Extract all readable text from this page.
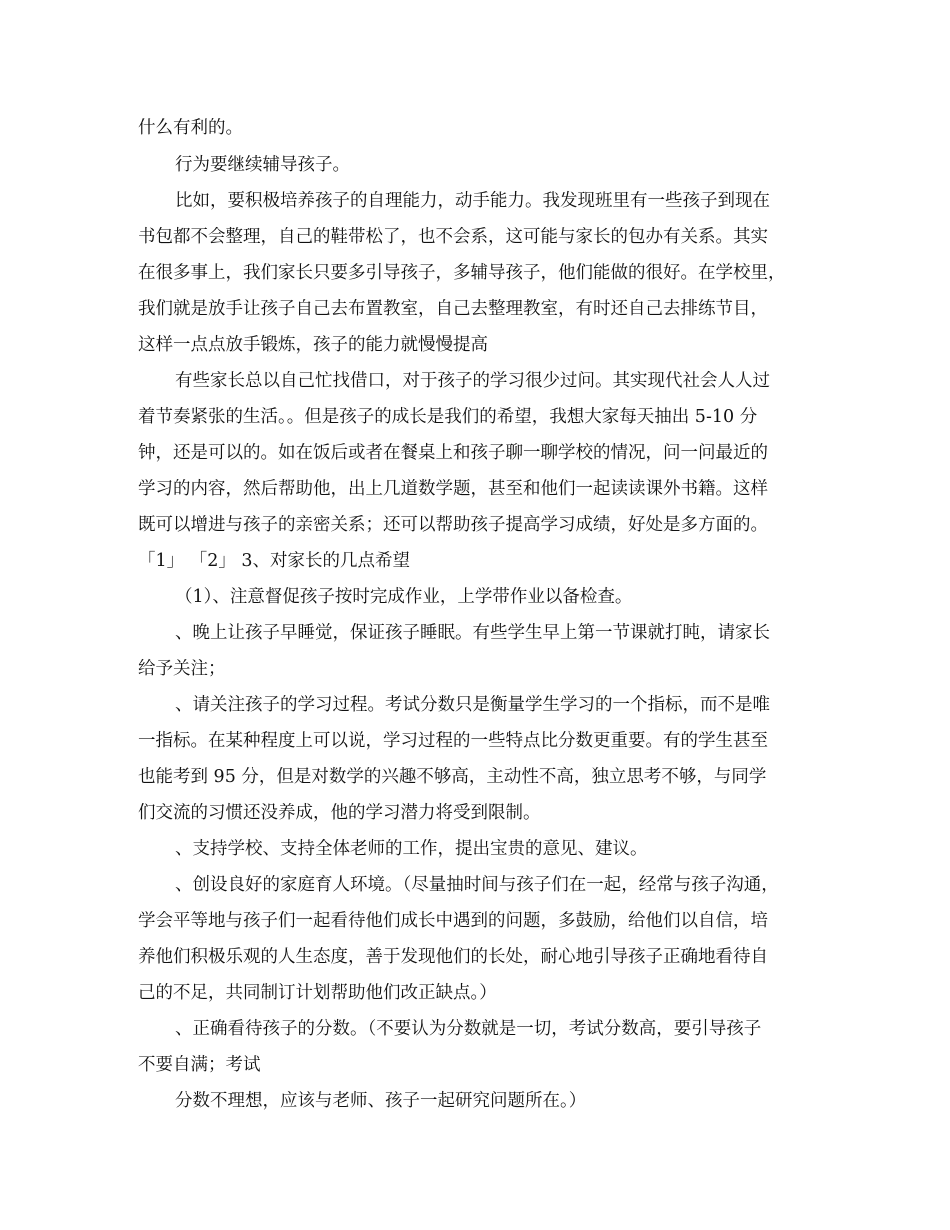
什么有利的。
行为要继续辅导孩子。
比如，要积极培养孩子的自理能力，动手能力。我发现班里有一些孩子到现在
书包都不会整理，自己的鞋带松了，也不会系，这可能与家长的包办有关系。其实
在很多事上，我们家长只要多引导孩子，多辅导孩子，他们能做的很好。在学校里，
我们就是放手让孩子自己去布置教室，自己去整理教室，有时还自己去排练节目，
这样一点点放手锻炼，孩子的能力就慢慢提高
有些家长总以自己忙找借口，对于孩子的学习很少过问。其实现代社会人人过
着节奏紧张的生活。。但是孩子的成长是我们的希望，我想大家每天抽出 5-10 分
钟，还是可以的。如在饭后或者在餐桌上和孩子聊一聊学校的情况，问一问最近的
学习的内容，然后帮助他，出上几道数学题，甚至和他们一起读读课外书籍。这样
既可以增进与孩子的亲密关系；还可以帮助孩子提高学习成绩，好处是多方面的。
「1」 「2」 3、对家长的几点希望
（1）、注意督促孩子按时完成作业，上学带作业以备检查。
、晚上让孩子早睡觉，保证孩子睡眠。有些学生早上第一节课就打盹，请家长
给予关注；
、请关注孩子的学习过程。考试分数只是衡量学生学习的一个指标，而不是唯
一指标。在某种程度上可以说，学习过程的一些特点比分数更重要。有的学生甚至
也能考到 95 分，但是对数学的兴趣不够高，主动性不高，独立思考不够，与同学
们交流的习惯还没养成，他的学习潜力将受到限制。
、支持学校、支持全体老师的工作，提出宝贵的意见、建议。
、创设良好的家庭育人环境。（尽量抽时间与孩子们在一起，经常与孩子沟通，
学会平等地与孩子们一起看待他们成长中遇到的问题，多鼓励，给他们以自信，培
养他们积极乐观的人生态度，善于发现他们的长处，耐心地引导孩子正确地看待自
己的不足，共同制订计划帮助他们改正缺点。）
、正确看待孩子的分数。（不要认为分数就是一切，考试分数高，要引导孩子
不要自满；考试
分数不理想，应该与老师、孩子一起研究问题所在。）
